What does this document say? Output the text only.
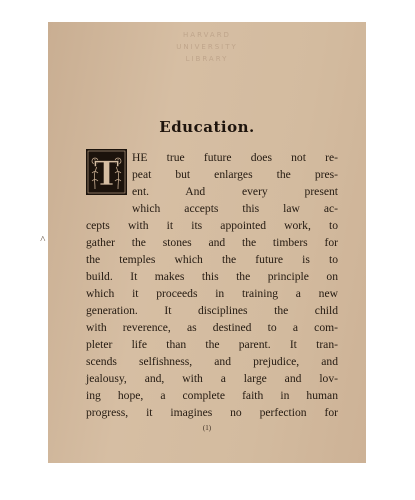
HARVARD
UNIVERSITY
LIBRARY
Education.
T HE true future does not re-
peat but enlarges the pres-
ent. And every present
which accepts this law ac-
cepts with it its appointed work, to
gather the stones and the timbers for
the temples which the future is to
build. It makes this the principle on
which it proceeds in training a new
generation. It disciplines the child
with reverence, as destined to a com-
pleter life than the parent. It tran-
scends selfishness, and prejudice, and
jealousy, and, with a large and lov-
ing hope, a complete faith in human
progress, it imagines no perfection for
(1)
˄
